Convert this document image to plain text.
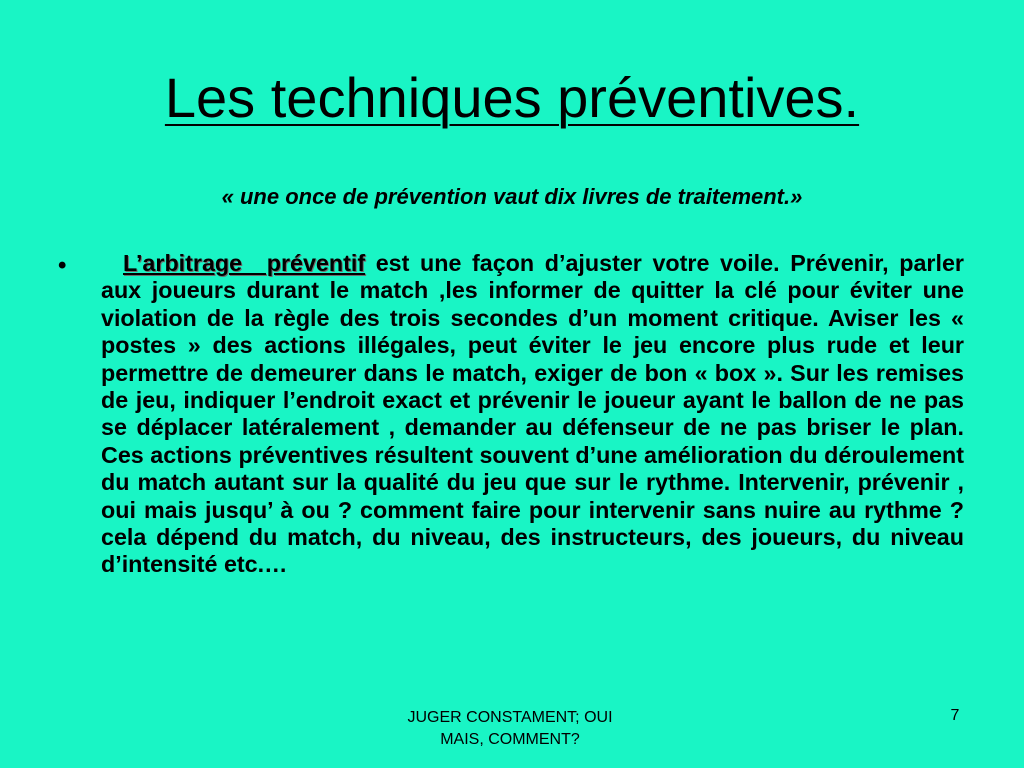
Les techniques préventives.
« une once de prévention vaut dix livres de traitement.»
•	L’arbitrage préventif est une façon d’ajuster votre voile. Prévenir, parler aux joueurs durant le match ,les informer de quitter la clé pour éviter une violation de la règle des trois secondes d’un moment critique. Aviser les « postes » des actions illégales, peut éviter le jeu encore plus rude et leur permettre de demeurer dans le match, exiger de bon « box ». Sur les remises de jeu, indiquer l’endroit exact et prévenir le joueur ayant le ballon de ne pas se déplacer latéralement , demander au défenseur de ne pas briser le plan. Ces actions préventives résultent souvent d’une amélioration du déroulement du match autant sur la qualité du jeu que sur le rythme. Intervenir, prévenir , oui mais jusqu’ à ou ? comment faire pour intervenir sans nuire au rythme ? cela dépend du match, du niveau, des instructeurs, des joueurs, du niveau d’intensité etc.…
JUGER CONSTAMENT; OUI
MAIS, COMMENT?
7
